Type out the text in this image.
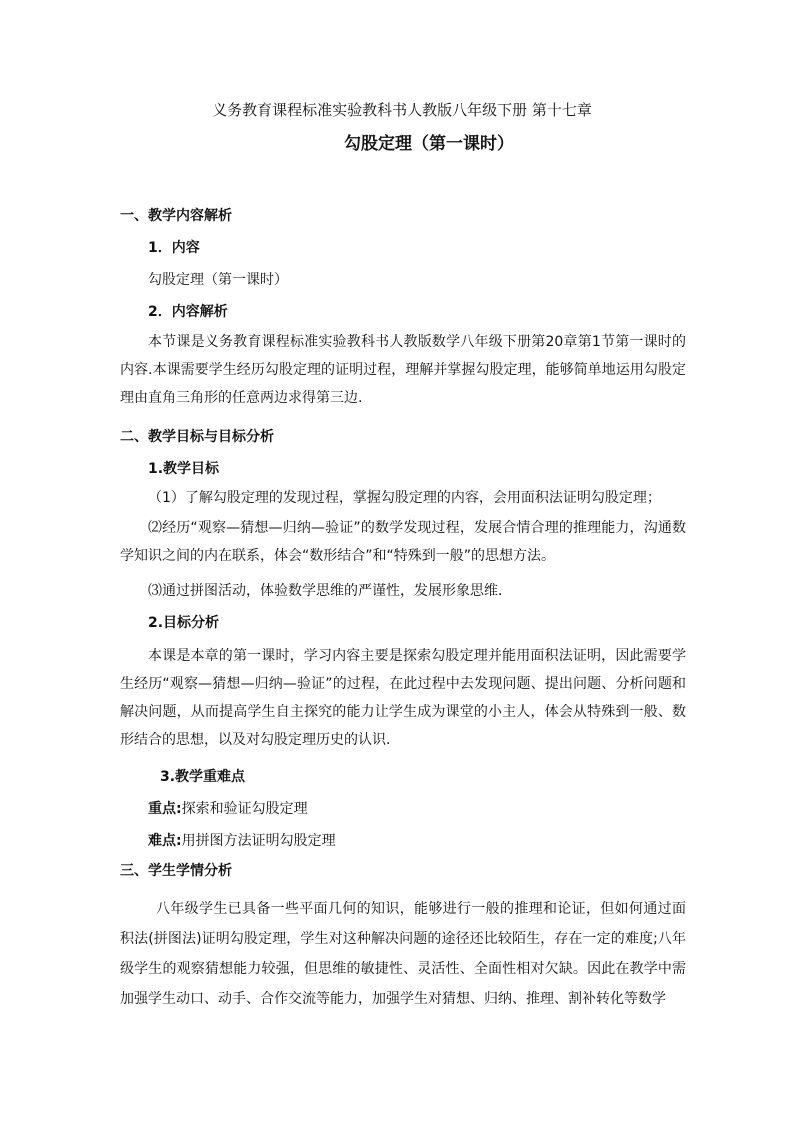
义务教育课程标准实验教科书人教版八年级下册 第十七章
勾股定理（第一课时）
一、教学内容解析
1．内容
勾股定理（第一课时）
2．内容解析

本节课是义务教育课程标准实验教科书人教版数学八年级下册第20章第1节第一课时的内容.本课需要学生经历勾股定理的证明过程，理解并掌握勾股定理，能够简单地运用勾股定理由直角三角形的任意两边求得第三边.

二、教学目标与目标分析
1.教学目标
（1）了解勾股定理的发现过程，掌握勾股定理的内容，会用面积法证明勾股定理；

⑵经历“观察—猜想—归纳—验证”的数学发现过程，发展合情合理的推理能力，沟通数学知识之间的内在联系，体会“数形结合”和“特殊到一般”的思想方法。

⑶通过拼图活动，体验数学思维的严谨性，发展形象思维．
2.目标分析

本课是本章的第一课时，学习内容主要是探索勾股定理并能用面积法证明，因此需要学生经历“观察—猜想—归纳—验证”的过程，在此过程中去发现问题、提出问题、分析问题和解决问题，从而提高学生自主探究的能力让学生成为课堂的小主人，体会从特殊到一般、数形结合的思想，以及对勾股定理历史的认识．

3.教学重难点
重点:探索和验证勾股定理
难点:用拼图方法证明勾股定理
三、学生学情分析

八年级学生已具备一些平面几何的知识，能够进行一般的推理和论证，但如何通过面积法(拼图法)证明勾股定理，学生对这种解决问题的途径还比较陌生，存在一定的难度;八年级学生的观察猜想能力较强，但思维的敏捷性、灵活性、全面性相对欠缺。因此在教学中需加强学生动口、动手、合作交流等能力，加强学生对猜想、归纳、推理、割补转化等数学
